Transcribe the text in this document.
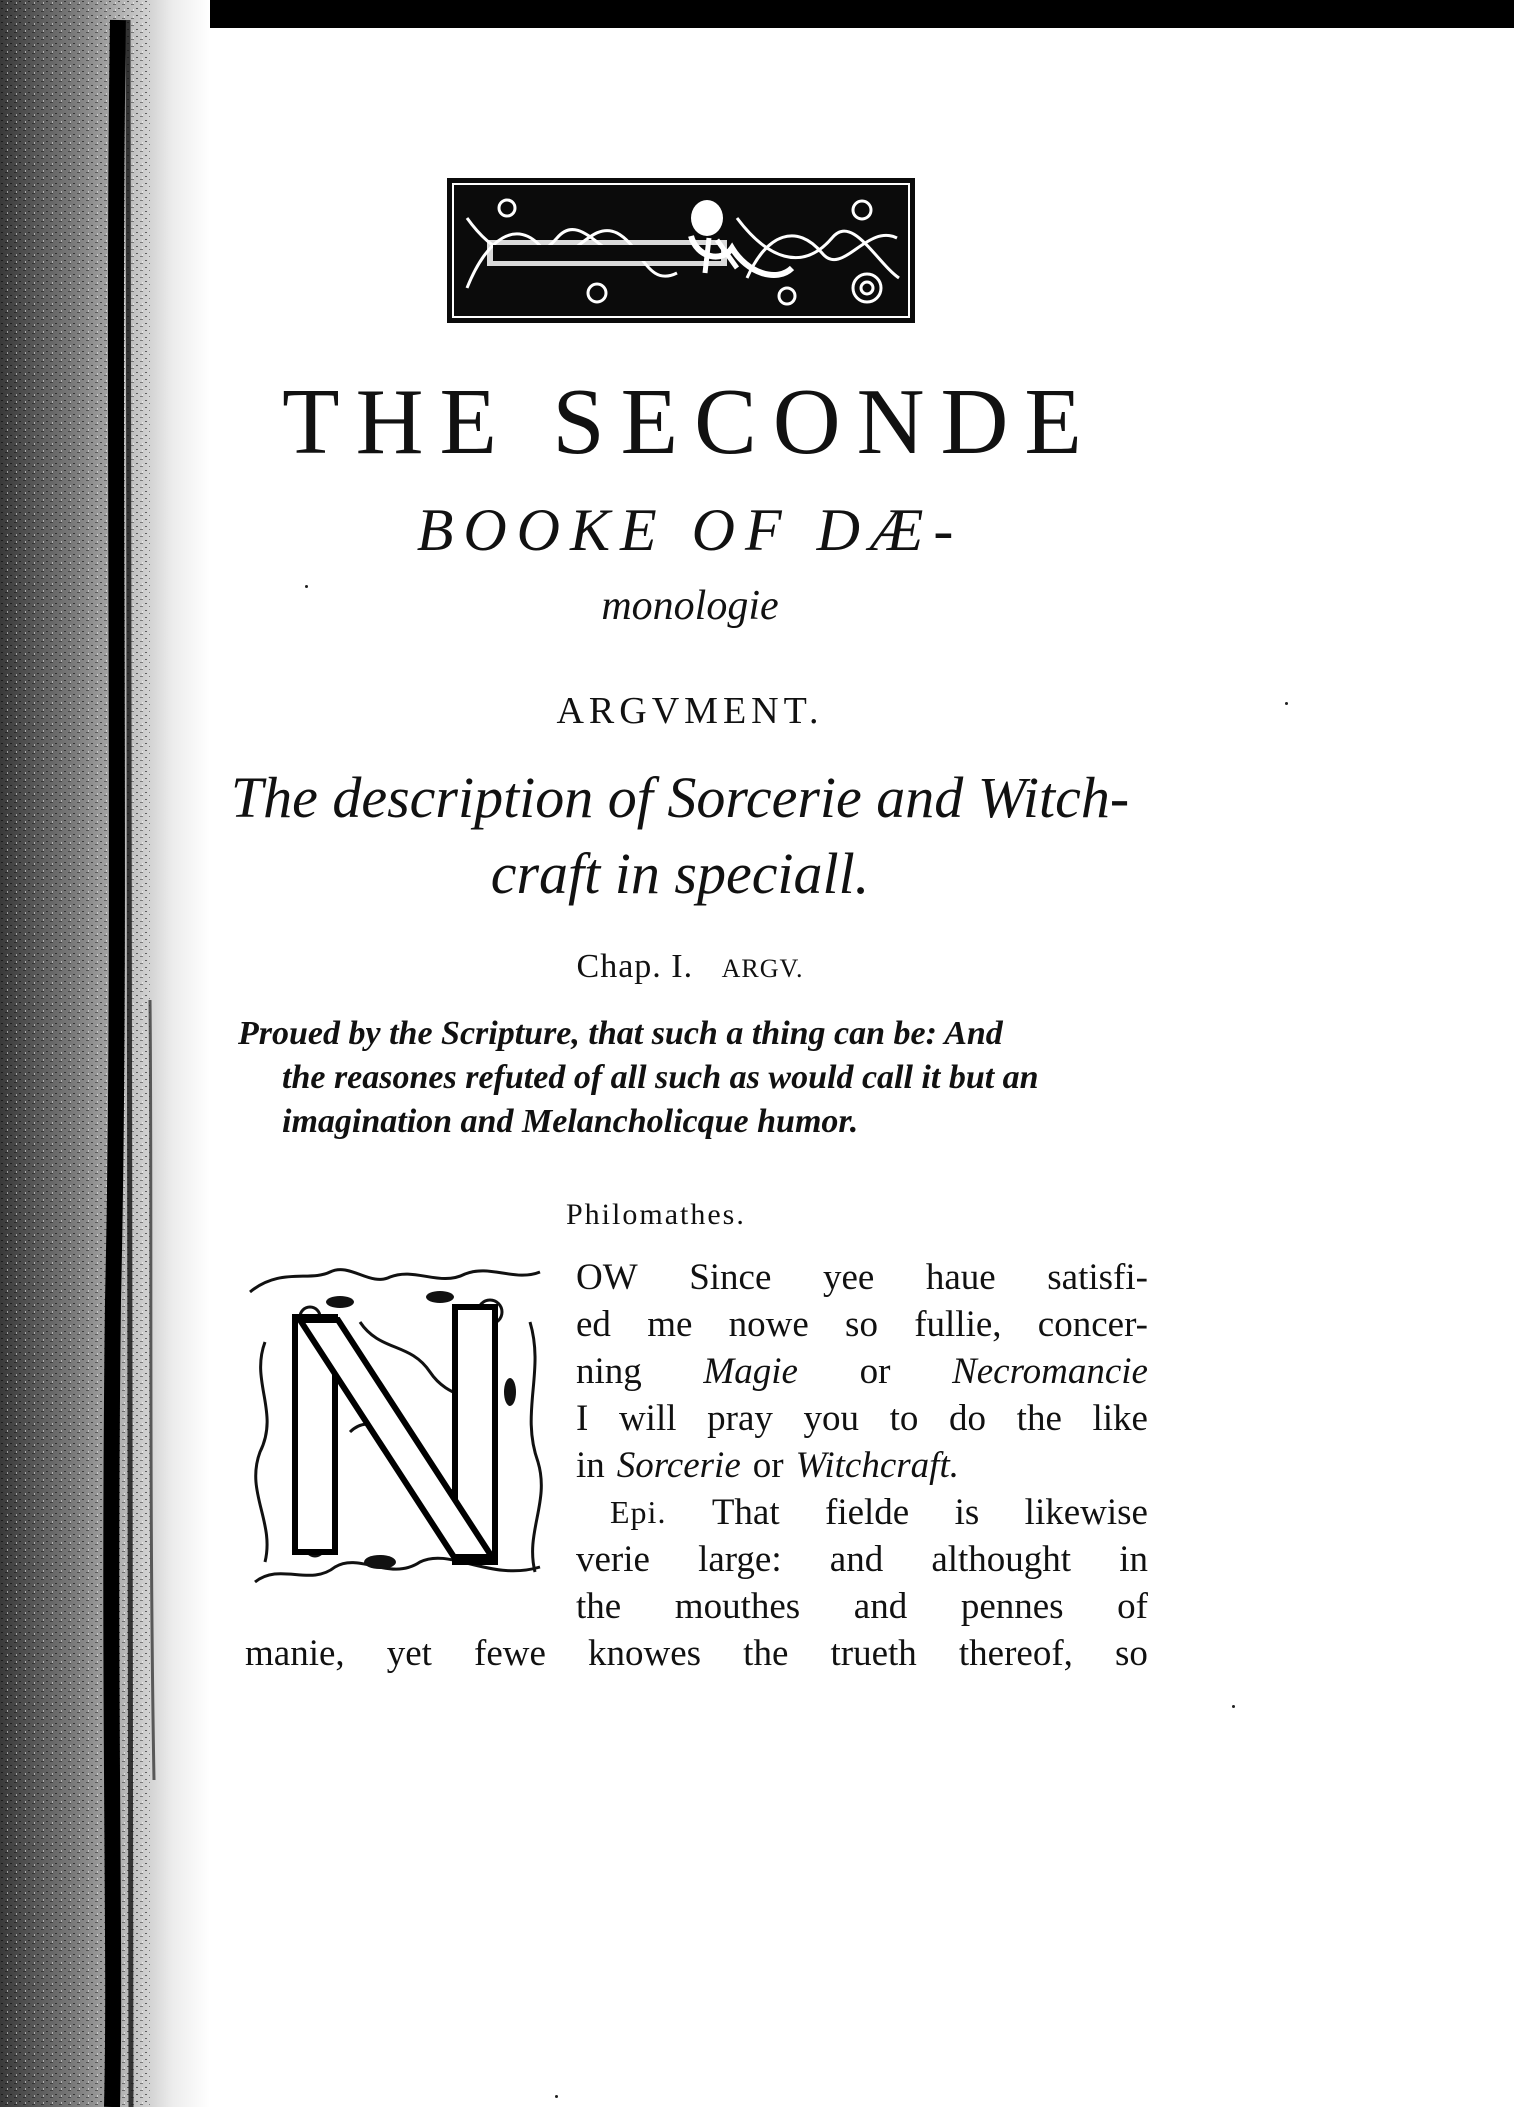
THE SECONDE
BOOKE OF DÆ-
monologie
ARGVMENT.
The description of Sorcerie and Witch-
craft in speciall.
Chap. I. ARGV.
Proued by the Scripture, that such a thing can be: And
the reasones refuted of all such as would call it but an
imagination and Melancholicque humor.
Philomathes.
OW Since yee haue satisfi-
ed me nowe so fullie, concer-
ning Magie or Necromancie
I will pray you to do the like
in Sorcerie or Witchcraft.
Epi. That fielde is likewise
verie large: and althought in
the mouthes and pennes of
manie, yet fewe knowes the trueth thereof, so
